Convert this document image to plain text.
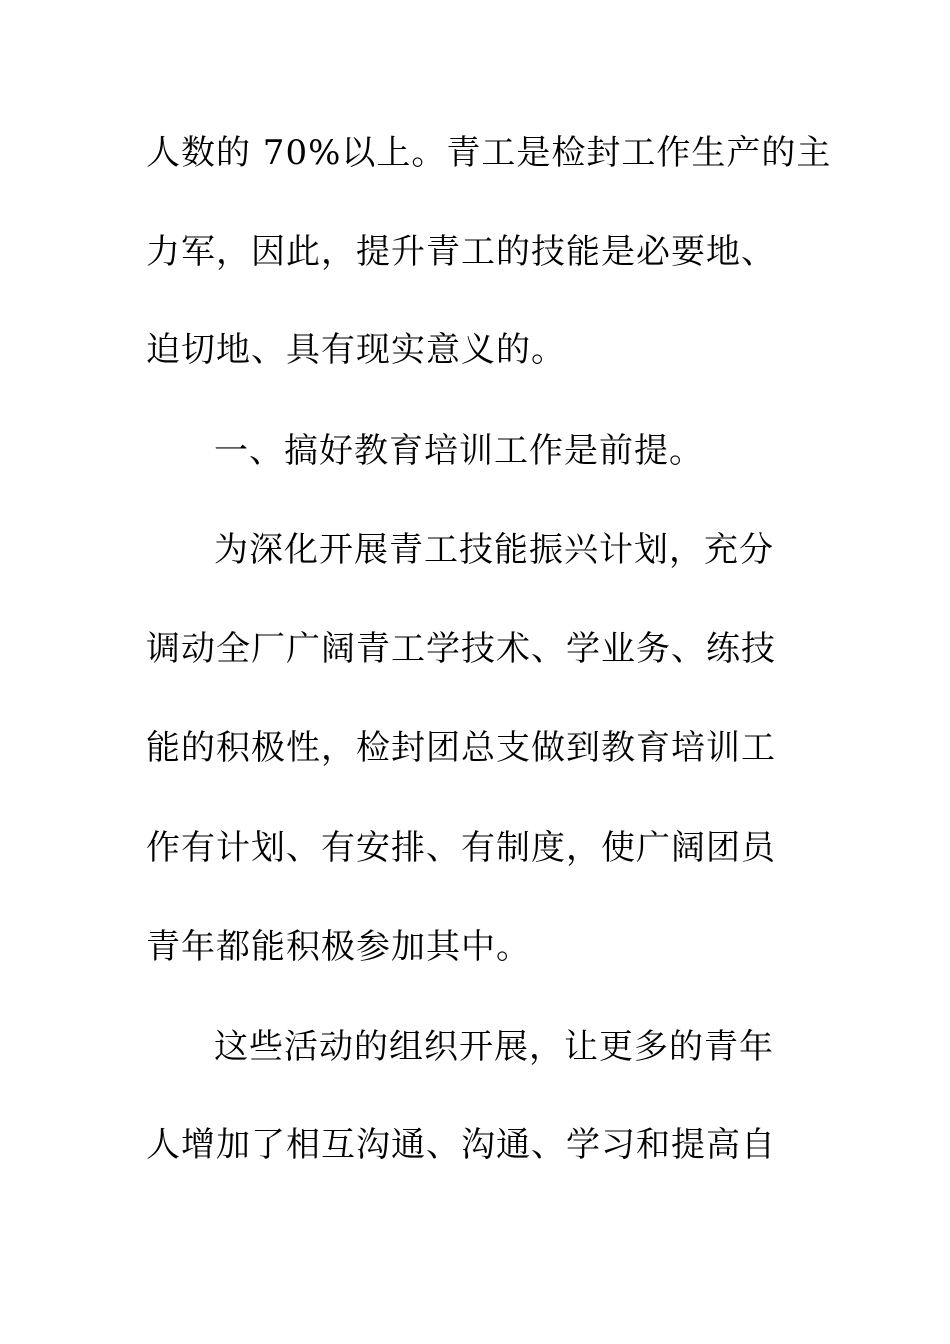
人数的 70%以上。青工是检封工作生产的主
力军，因此，提升青工的技能是必要地、
迫切地、具有现实意义的。
一、搞好教育培训工作是前提。
为深化开展青工技能振兴计划，充分
调动全厂广阔青工学技术、学业务、练技
能的积极性，检封团总支做到教育培训工
作有计划、有安排、有制度，使广阔团员
青年都能积极参加其中。
这些活动的组织开展，让更多的青年
人增加了相互沟通、沟通、学习和提高自
